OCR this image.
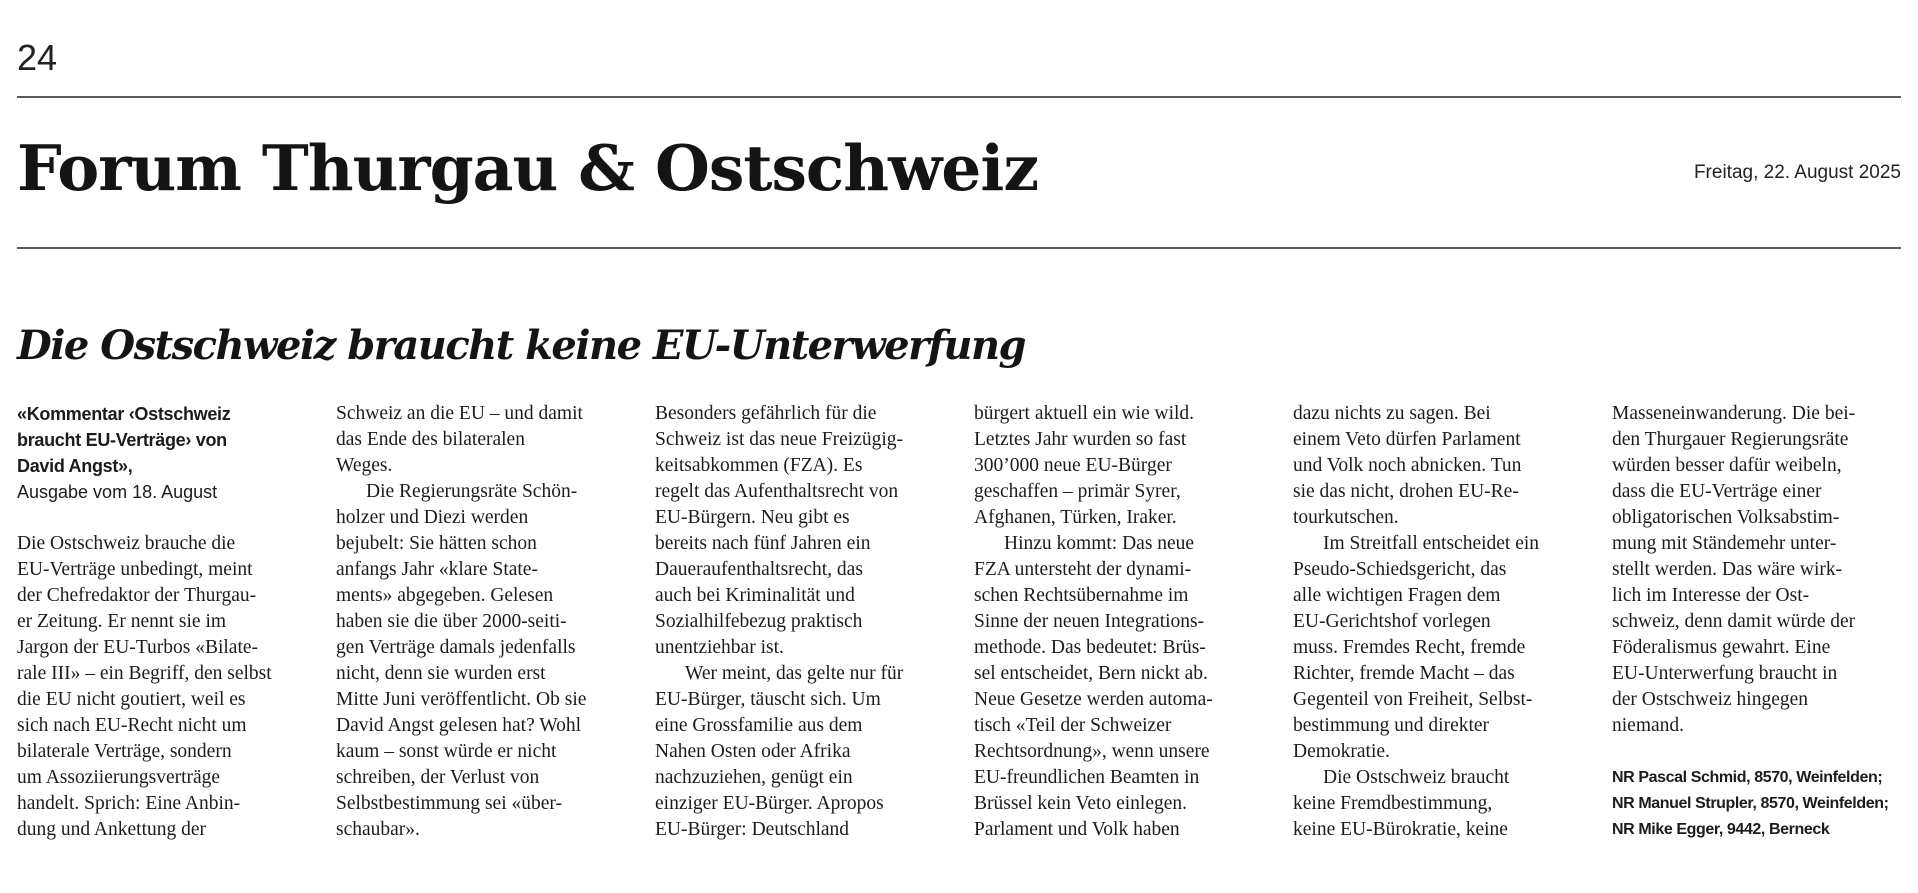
24
Forum Thurgau & Ostschweiz	Freitag, 22. August 2025
Die Ostschweiz braucht keine EU-Unterwerfung
«Kommentar ‹Ostschweiz
braucht EU-Verträge› von
David Angst»,
Ausgabe vom 18. August
Die Ostschweiz brauche die
EU-Verträge unbedingt, meint
der Chefredaktor der Thurgau-
er Zeitung. Er nennt sie im
Jargon der EU-Turbos «Bilate-
rale III» – ein Begriff, den selbst
die EU nicht goutiert, weil es
sich nach EU-Recht nicht um
bilaterale Verträge, sondern
um Assoziierungsverträge
handelt. Sprich: Eine Anbin-
dung und Ankettung der
Schweiz an die EU – und damit
das Ende des bilateralen
Weges.
Die Regierungsräte Schön-
holzer und Diezi werden
bejubelt: Sie hätten schon
anfangs Jahr «klare State-
ments» abgegeben. Gelesen
haben sie die über 2000-seiti-
gen Verträge damals jedenfalls
nicht, denn sie wurden erst
Mitte Juni veröffentlicht. Ob sie
David Angst gelesen hat? Wohl
kaum – sonst würde er nicht
schreiben, der Verlust von
Selbstbestimmung sei «über-
schaubar».
Besonders gefährlich für die
Schweiz ist das neue Freizügig-
keitsabkommen (FZA). Es
regelt das Aufenthaltsrecht von
EU-Bürgern. Neu gibt es
bereits nach fünf Jahren ein
Daueraufenthaltsrecht, das
auch bei Kriminalität und
Sozialhilfebezug praktisch
unentziehbar ist.
Wer meint, das gelte nur für
EU-Bürger, täuscht sich. Um
eine Grossfamilie aus dem
Nahen Osten oder Afrika
nachzuziehen, genügt ein
einziger EU-Bürger. Apropos
EU-Bürger: Deutschland
bürgert aktuell ein wie wild.
Letztes Jahr wurden so fast
300’000 neue EU-Bürger
geschaffen – primär Syrer,
Afghanen, Türken, Iraker.
Hinzu kommt: Das neue
FZA untersteht der dynami-
schen Rechtsübernahme im
Sinne der neuen Integrations-
methode. Das bedeutet: Brüs-
sel entscheidet, Bern nickt ab.
Neue Gesetze werden automa-
tisch «Teil der Schweizer
Rechtsordnung», wenn unsere
EU-freundlichen Beamten in
Brüssel kein Veto einlegen.
Parlament und Volk haben
dazu nichts zu sagen. Bei
einem Veto dürfen Parlament
und Volk noch abnicken. Tun
sie das nicht, drohen EU-Re-
tourkutschen.
Im Streitfall entscheidet ein
Pseudo-Schiedsgericht, das
alle wichtigen Fragen dem
EU-Gerichtshof vorlegen
muss. Fremdes Recht, fremde
Richter, fremde Macht – das
Gegenteil von Freiheit, Selbst-
bestimmung und direkter
Demokratie.
Die Ostschweiz braucht
keine Fremdbestimmung,
keine EU-Bürokratie, keine
Masseneinwanderung. Die bei-
den Thurgauer Regierungsräte
würden besser dafür weibeln,
dass die EU-Verträge einer
obligatorischen Volksabstim-
mung mit Ständemehr unter-
stellt werden. Das wäre wirk-
lich im Interesse der Ost-
schweiz, denn damit würde der
Föderalismus gewahrt. Eine
EU-Unterwerfung braucht in
der Ostschweiz hingegen
niemand.
NR Pascal Schmid, 8570, Weinfelden;
NR Manuel Strupler, 8570, Weinfelden;
NR Mike Egger, 9442, Berneck
